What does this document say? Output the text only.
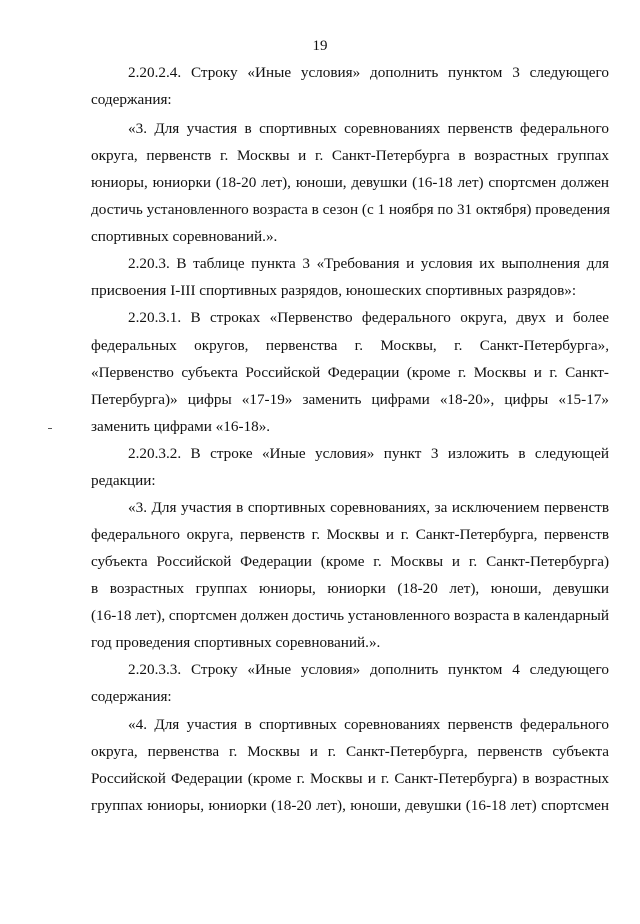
19
2.20.2.4. Строку «Иные условия» дополнить пунктом 3 следующего
содержания:
«3. Для участия в спортивных соревнованиях первенств федерального
округа, первенств г. Москвы и г. Санкт-Петербурга в возрастных группах
юниоры, юниорки (18-20 лет), юноши, девушки (16-18 лет) спортсмен должен
достичь установленного возраста в сезон (с 1 ноября по 31 октября) проведения
спортивных соревнований.».
2.20.3. В таблице пункта 3 «Требования и условия их выполнения для
присвоения I-III спортивных разрядов, юношеских спортивных разрядов»:
2.20.3.1. В строках «Первенство федерального округа, двух и более
федеральных округов, первенства г. Москвы, г. Санкт-Петербурга»,
«Первенство субъекта Российской Федерации (кроме г. Москвы и г. Санкт-
Петербурга)» цифры «17-19» заменить цифрами «18-20», цифры «15-17»
заменить цифрами «16-18».
2.20.3.2. В строке «Иные условия» пункт 3 изложить в следующей
редакции:
«3. Для участия в спортивных соревнованиях, за исключением первенств
федерального округа, первенств г. Москвы и г. Санкт-Петербурга, первенств
субъекта Российской Федерации (кроме г. Москвы и г. Санкт-Петербурга)
в возрастных группах юниоры, юниорки (18-20 лет), юноши, девушки
(16-18 лет), спортсмен должен достичь установленного возраста в календарный
год проведения спортивных соревнований.».
2.20.3.3. Строку «Иные условия» дополнить пунктом 4 следующего
содержания:
«4. Для участия в спортивных соревнованиях первенств федерального
округа, первенства г. Москвы и г. Санкт-Петербурга, первенств субъекта
Российской Федерации (кроме г. Москвы и г. Санкт-Петербурга) в возрастных
группах юниоры, юниорки (18-20 лет), юноши, девушки (16-18 лет) спортсмен
